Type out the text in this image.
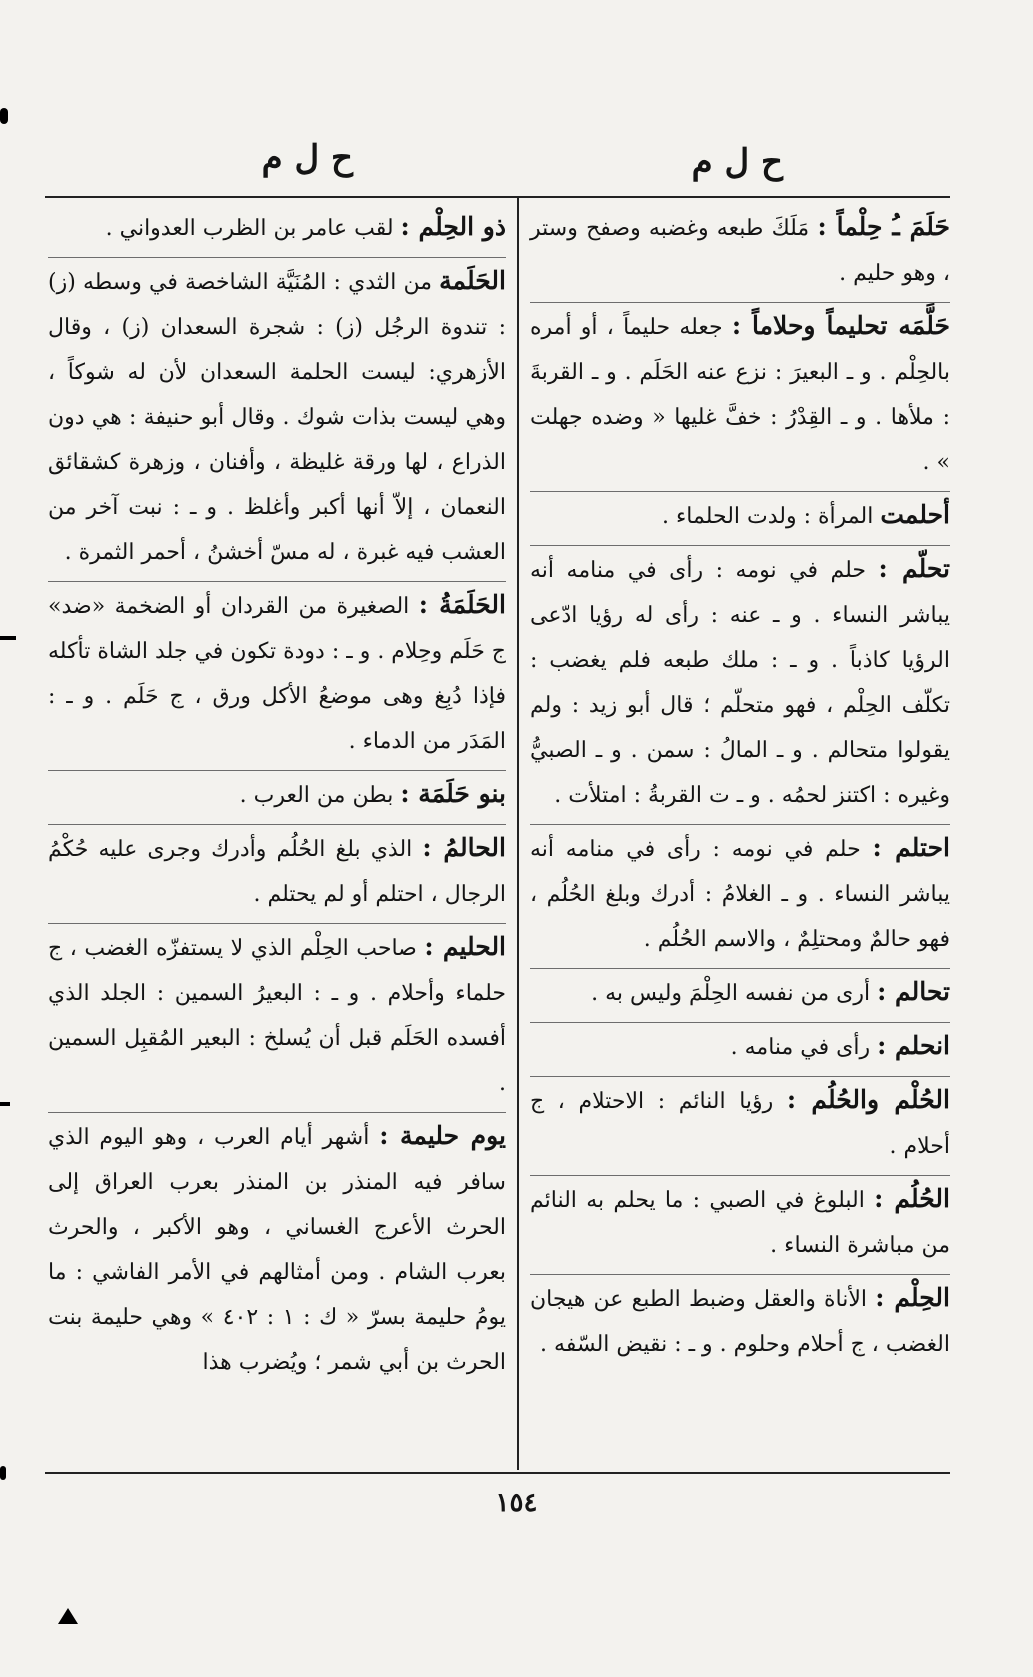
ح ل م
ح ل م

حَلَمَ ـُ حِلْماً : مَلَكَ طبعه وغضبه وصفح وستر ، وهو حليم .

حَلَّمَه تحليماً وحلاماً : جعله حليماً ، أو أمره بالحِلْم . و ـ البعيرَ : نزع عنه الحَلَم . و ـ القربةَ : ملأها . و ـ القِدْرُ : خفَّ غليها « وضده جهلت » .

أحلمت المرأة : ولدت الحلماء .

تحلّم : حلم في نومه : رأى في منامه أنه يباشر النساء . و ـ عنه : رأى له رؤيا ادّعى الرؤيا كاذباً . و ـ : ملك طبعه فلم يغضب : تكلّف الحِلْم ، فهو متحلّم ؛ قال أبو زيد : ولم يقولوا متحالم . و ـ المالُ : سمن . و ـ الصبيُّ وغيره : اكتنز لحمُه . و ـ ت القربةُ : امتلأت .

احتلم : حلم في نومه : رأى في منامه أنه يباشر النساء . و ـ الغلامُ : أدرك وبلغ الحُلُم ، فهو حالمٌ ومحتلِمٌ ، والاسم الحُلُم .

تحالم : أرى من نفسه الحِلْمَ وليس به .

انحلم : رأى في منامه .

الحُلْم والحُلُم : رؤيا النائم : الاحتلام ، ج أحلام .

الحُلُم : البلوغ في الصبي : ما يحلم به النائم من مباشرة النساء .

الحِلْم : الأناة والعقل وضبط الطبع عن هيجان الغضب ، ج أحلام وحلوم . و ـ : نقيض السّفه .

ذو الحِلْم : لقب عامر بن الظرب العدواني .

الحَلَمة من الثدي : المُنَيَّة الشاخصة في وسطه (ز) : تندوة الرجُل (ز) : شجرة السعدان (ز) ، وقال الأزهري: ليست الحلمة السعدان لأن له شوكاً ، وهي ليست بذات شوك . وقال أبو حنيفة : هي دون الذراع ، لها ورقة غليظة ، وأفنان ، وزهرة كشقائق النعمان ، إلاّ أنها أكبر وأغلظ . و ـ : نبت آخر من العشب فيه غبرة ، له مسّ أخشنُ ، أحمر الثمرة .

الحَلَمَةُ : الصغيرة من القردان أو الضخمة «ضد» ج حَلَم وحِلام . و ـ : دودة تكون في جلد الشاة تأكله فإذا دُبِغ وهى موضعُ الأكل ورق ، ج حَلَم . و ـ : المَدَر من الدماء .

بنو حَلَمَة : بطن من العرب .

الحالمُ : الذي بلغ الحُلُم وأدرك وجرى عليه حُكْمُ الرجال ، احتلم أو لم يحتلم .

الحليم : صاحب الحِلْم الذي لا يستفزّه الغضب ، ج حلماء وأحلام . و ـ : البعيرُ السمين : الجلد الذي أفسده الحَلَم قبل أن يُسلخ : البعير المُقبِل السمين .

يوم حليمة : أشهر أيام العرب ، وهو اليوم الذي سافر فيه المنذر بن المنذر بعرب العراق إلى الحرث الأعرج الغساني ، وهو الأكبر ، والحرث بعرب الشام . ومن أمثالهم في الأمر الفاشي : ما يومُ حليمة بسرّ « ك : ١ : ٤٠٢ » وهي حليمة بنت الحرث بن أبي شمر ؛ ويُضرب هذا

١٥٤
